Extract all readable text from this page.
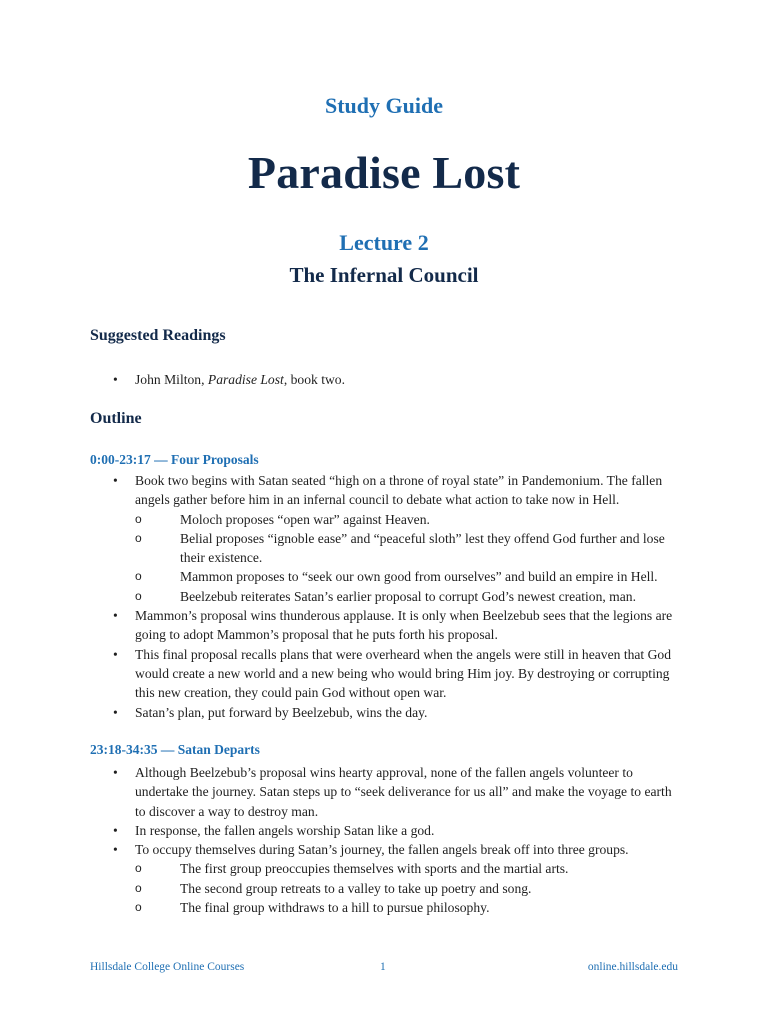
Study Guide
Paradise Lost
Lecture 2
The Infernal Council
Suggested Readings
• John Milton, Paradise Lost, book two.
Outline
0:00-23:17 — Four Proposals
• Book two begins with Satan seated “high on a throne of royal state” in Pandemonium. The fallen angels gather before him in an infernal council to debate what action to take now in Hell.
o	Moloch proposes “open war” against Heaven.
o	Belial proposes “ignoble ease” and “peaceful sloth” lest they offend God further and lose their existence.
o	Mammon proposes to “seek our own good from ourselves” and build an empire in Hell.
o	Beelzebub reiterates Satan’s earlier proposal to corrupt God’s newest creation, man.
• Mammon’s proposal wins thunderous applause. It is only when Beelzebub sees that the legions are going to adopt Mammon’s proposal that he puts forth his proposal.
• This final proposal recalls plans that were overheard when the angels were still in heaven that God would create a new world and a new being who would bring Him joy. By destroying or corrupting this new creation, they could pain God without open war.
• Satan’s plan, put forward by Beelzebub, wins the day.
23:18-34:35 — Satan Departs
• Although Beelzebub’s proposal wins hearty approval, none of the fallen angels volunteer to undertake the journey. Satan steps up to “seek deliverance for us all” and make the voyage to earth to discover a way to destroy man.
• In response, the fallen angels worship Satan like a god.
• To occupy themselves during Satan’s journey, the fallen angels break off into three groups.
o	The first group preoccupies themselves with sports and the martial arts.
o	The second group retreats to a valley to take up poetry and song.
o	The final group withdraws to a hill to pursue philosophy.
Hillsdale College Online Courses	1	online.hillsdale.edu
